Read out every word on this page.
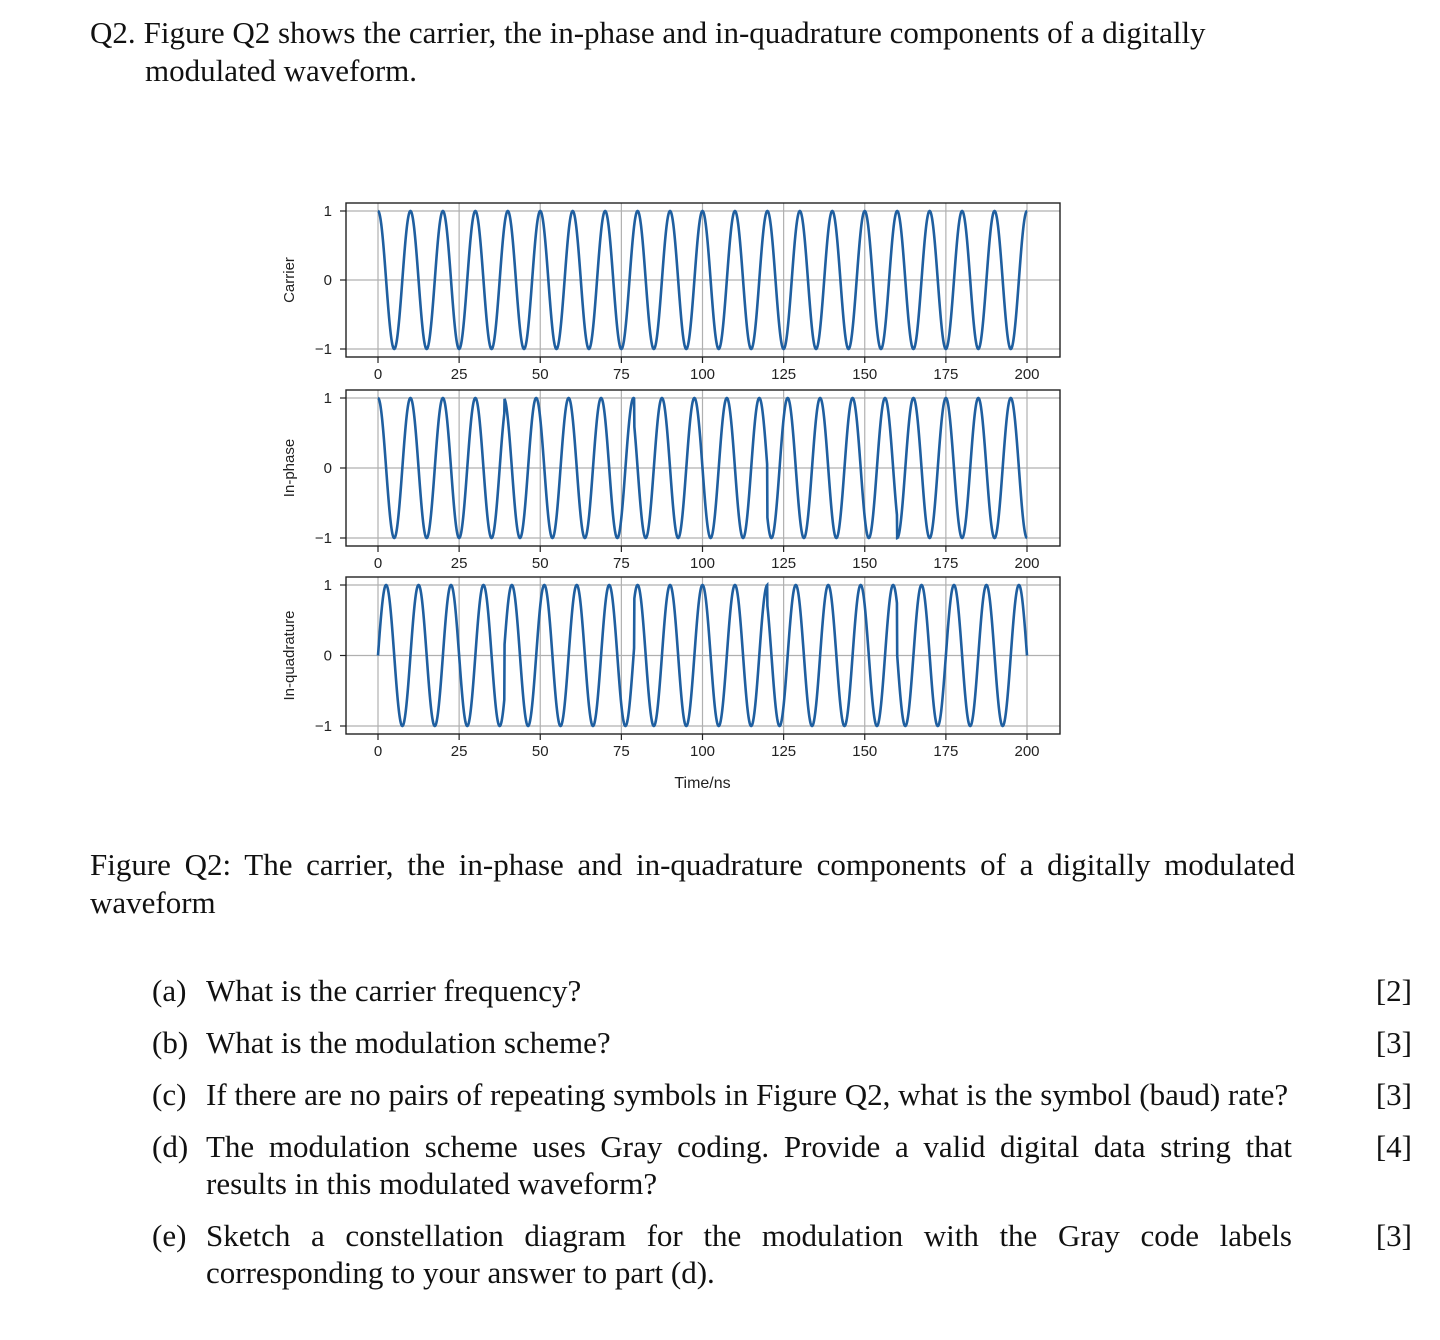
Q2. Figure Q2 shows the carrier, the in-phase and in-quadrature components of a digitally
modulated waveform.
0	25	50	75	100	125	150	175	200
1
0
−1
Carrier
0	25	50	75	100	125	150	175	200
1
0
−1
In-phase
0	25	50	75	100	125	150	175	200
1
0
−1
In-quadrature
Time/ns
Figure Q2: The carrier, the in-phase and in-quadrature components of a digitally modulated waveform
(a) What is the carrier frequency?	[2]
(b) What is the modulation scheme?	[3]
(c) If there are no pairs of repeating symbols in Figure Q2, what is the symbol (baud) rate?	[3]
(d) The modulation scheme uses Gray coding. Provide a valid digital data string that results in this modulated waveform?
[4]
(e) Sketch a constellation diagram for the modulation with the Gray code labels corresponding to your answer to part (d).
[3]
